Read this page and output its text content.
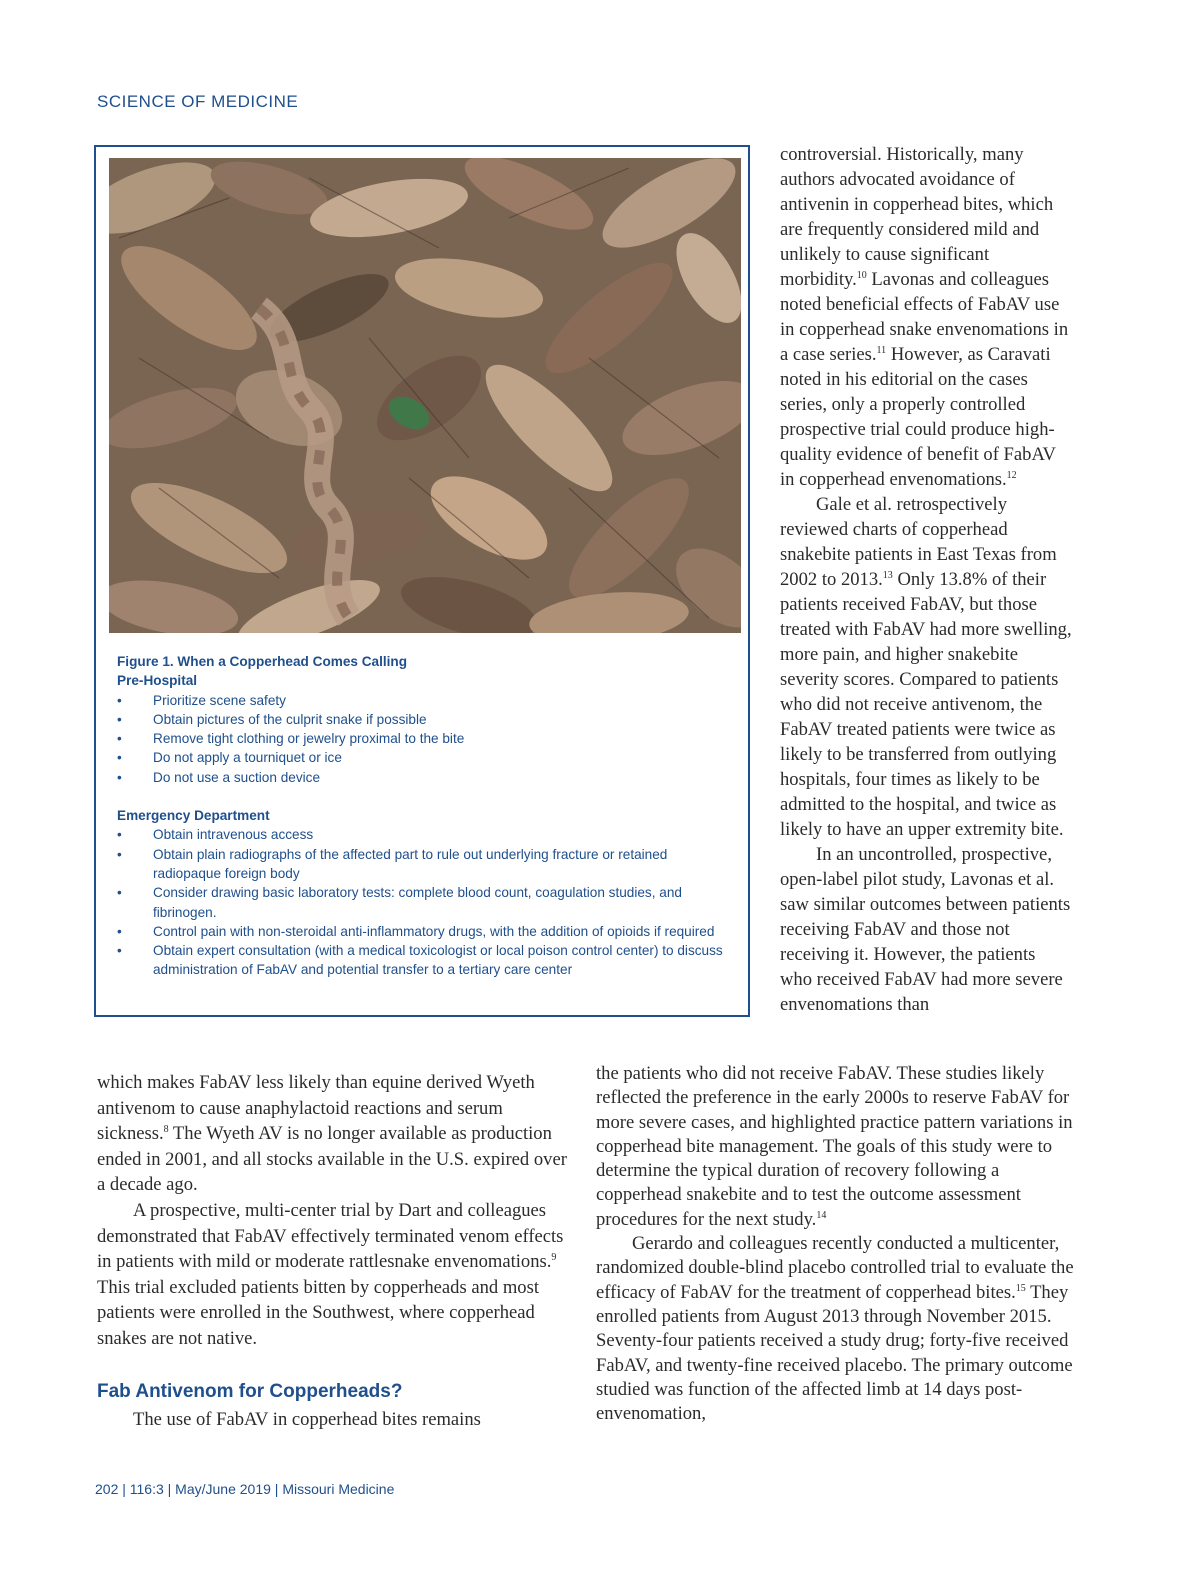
SCIENCE OF MEDICINE
Figure 1. When a Copperhead Comes Calling
Pre-Hospital
• Prioritize scene safety
• Obtain pictures of the culprit snake if possible
• Remove tight clothing or jewelry proximal to the bite
• Do not apply a tourniquet or ice
• Do not use a suction device
Emergency Department
• Obtain intravenous access
• Obtain plain radiographs of the affected part to rule out underlying fracture or retained radiopaque foreign body
• Consider drawing basic laboratory tests: complete blood count, coagulation studies, and fibrinogen.
• Control pain with non-steroidal anti-inflammatory drugs, with the addition of opioids if required
• Obtain expert consultation (with a medical toxicologist or local poison control center) to discuss administration of FabAV and potential transfer to a tertiary care center

controversial. Historically, many authors advocated avoidance of antivenin in copperhead bites, which are frequently considered mild and unlikely to cause significant morbidity.$^{10}$ Lavonas and colleagues noted beneficial effects of FabAV use in copperhead snake envenomations in a case series.$^{11}$ However, as Caravati noted in his editorial on the cases series, only a properly controlled prospective trial could produce high-quality evidence of benefit of FabAV in copperhead envenomations.$^{12}$

Gale et al. retrospectively reviewed charts of copperhead snakebite patients in East Texas from 2002 to 2013.13 Only 13.8% of their patients received FabAV, but those treated with FabAV had more swelling, more pain, and higher snakebite severity scores. Compared to patients who did not receive antivenom, the FabAV treated patients were twice as likely to be transferred from outlying hospitals, four times as likely to be admitted to the hospital, and twice as likely to have an upper extremity bite.

In an uncontrolled, prospective, open-label pilot study, Lavonas et al. saw similar outcomes between patients receiving FabAV and those not receiving it. However, the patients who received FabAV had more severe envenomations than

which makes FabAV less likely than equine derived Wyeth antivenom to cause anaphylactoid reactions and serum sickness.$^8$ The Wyeth AV is no longer available as production ended in 2001, and all stocks available in the U.S. expired over a decade ago.

A prospective, multi-center trial by Dart and colleagues demonstrated that FabAV effectively terminated venom effects in patients with mild or moderate rattlesnake envenomations.$^9$ This trial excluded patients bitten by copperheads and most patients were enrolled in the Southwest, where copperhead snakes are not native.

Fab Antivenom for Copperheads?

The use of FabAV in copperhead bites remains

the patients who did not receive FabAV. These studies likely reflected the preference in the early 2000s to reserve FabAV for more severe cases, and highlighted practice pattern variations in copperhead bite management. The goals of this study were to determine the typical duration of recovery following a copperhead snakebite and to test the outcome assessment procedures for the next study.$^{14}$

Gerardo and colleagues recently conducted a multicenter, randomized double-blind placebo controlled trial to evaluate the efficacy of FabAV for the treatment of copperhead bites.$^{15}$ They enrolled patients from August 2013 through November 2015. Seventy-four patients received a study drug; forty-five received FabAV, and twenty-fine received placebo. The primary outcome studied was function of the affected limb at 14 days post-envenomation,

202 | 116:3 | May/June 2019 | Missouri Medicine
